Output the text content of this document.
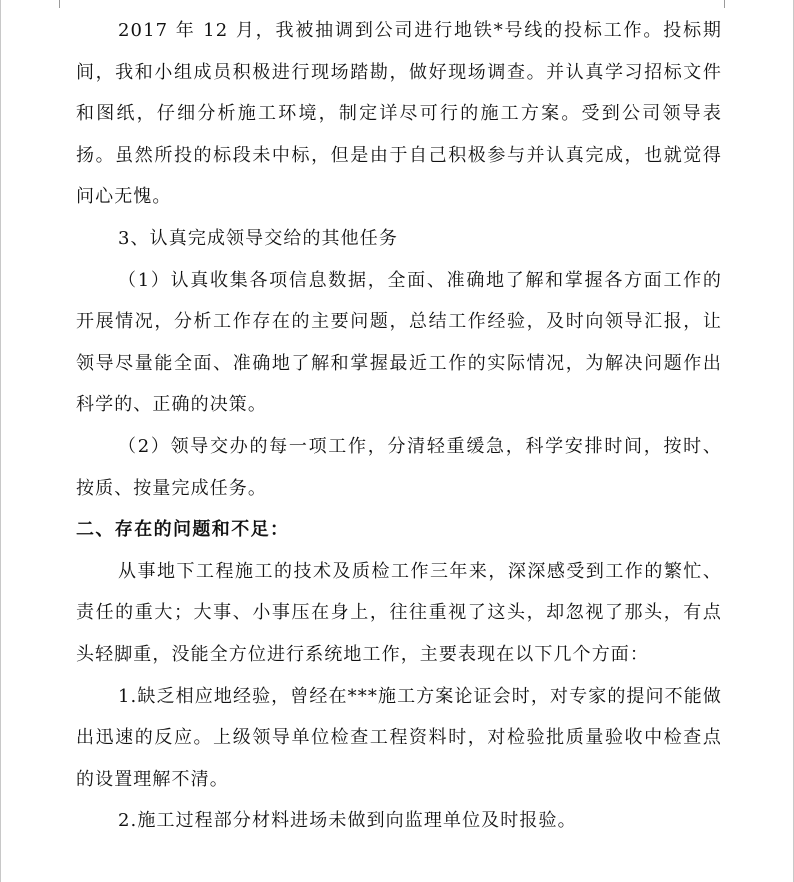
2017 年 12 月，我被抽调到公司进行地铁*号线的投标工作。投标期间，我和小组成员积极进行现场踏勘，做好现场调查。并认真学习招标文件和图纸，仔细分析施工环境，制定详尽可行的施工方案。受到公司领导表扬。虽然所投的标段未中标，但是由于自己积极参与并认真完成，也就觉得问心无愧。

3、认真完成领导交给的其他任务

（1）认真收集各项信息数据，全面、准确地了解和掌握各方面工作的开展情况，分析工作存在的主要问题，总结工作经验，及时向领导汇报，让领导尽量能全面、准确地了解和掌握最近工作的实际情况，为解决问题作出科学的、正确的决策。

（2）领导交办的每一项工作，分清轻重缓急，科学安排时间，按时、按质、按量完成任务。

二、存在的问题和不足：

从事地下工程施工的技术及质检工作三年来，深深感受到工作的繁忙、责任的重大；大事、小事压在身上，往往重视了这头，却忽视了那头，有点头轻脚重，没能全方位进行系统地工作，主要表现在以下几个方面：

1.缺乏相应地经验，曾经在***施工方案论证会时，对专家的提问不能做出迅速的反应。上级领导单位检查工程资料时，对检验批质量验收中检查点的设置理解不清。

2.施工过程部分材料进场未做到向监理单位及时报验。
